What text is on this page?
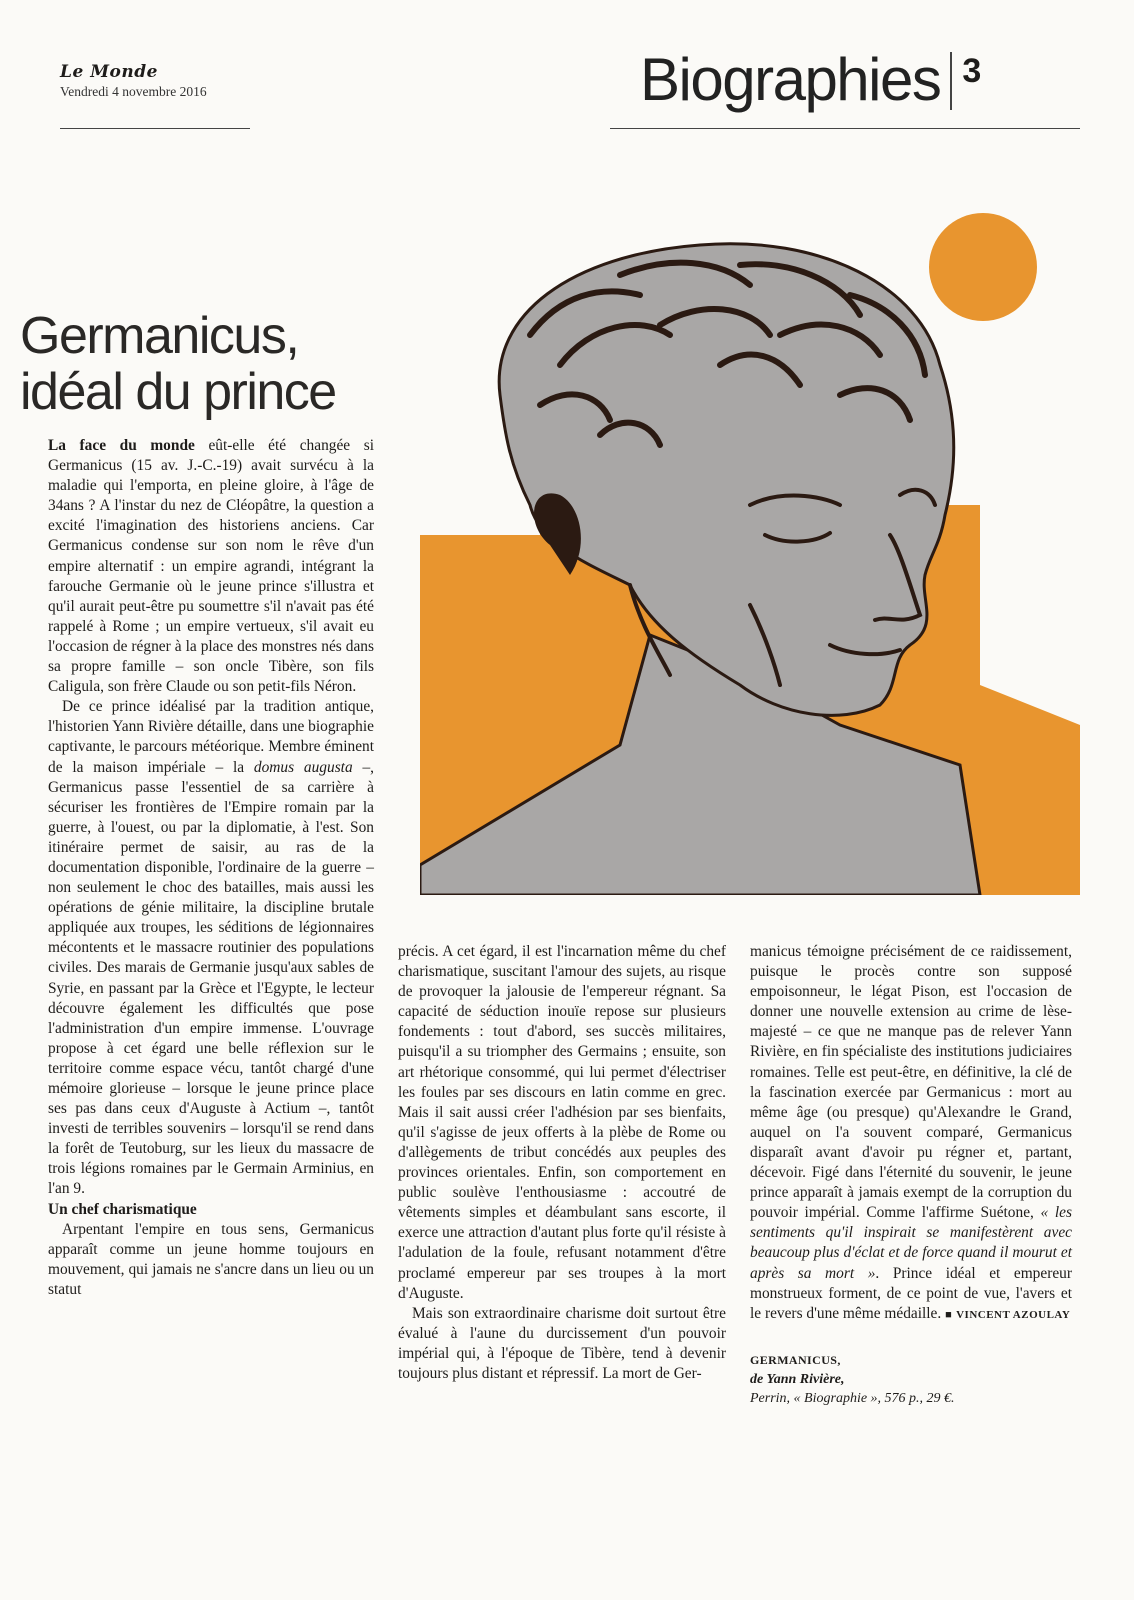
Le Monde
Vendredi 4 novembre 2016	Biographies 3
Germanicus,
idéal du prince

La face du monde eût-elle été changée si Germanicus (15 av. J.-C.-19) avait survécu à la maladie qui l'emporta, en pleine gloire, à l'âge de 34ans ? A l'instar du nez de Cléopâtre, la question a excité l'imagination des historiens anciens. Car Germanicus condense sur son nom le rêve d'un empire alternatif : un empire agrandi, intégrant la farouche Germanie où le jeune prince s'illustra et qu'il aurait peut-être pu soumettre s'il n'avait pas été rappelé à Rome ; un empire vertueux, s'il avait eu l'occasion de régner à la place des monstres nés dans sa propre famille – son oncle Tibère, son fils Caligula, son frère Claude ou son petit-fils Néron.

De ce prince idéalisé par la tradition antique, l'historien Yann Rivière détaille, dans une biographie captivante, le parcours météorique. Membre éminent de la maison impériale – la domus augusta –, Germanicus passe l'essentiel de sa carrière à sécuriser les frontières de l'Empire romain par la guerre, à l'ouest, ou par la diplomatie, à l'est. Son itinéraire permet de saisir, au ras de la documentation disponible, l'ordinaire de la guerre – non seulement le choc des batailles, mais aussi les opérations de génie militaire, la discipline brutale appliquée aux troupes, les séditions de légionnaires mécontents et le massacre routinier des populations civiles. Des marais de Germanie jusqu'aux sables de Syrie, en passant par la Grèce et l'Egypte, le lecteur découvre également les difficultés que pose l'administration d'un empire immense. L'ouvrage propose à cet égard une belle réflexion sur le territoire comme espace vécu, tantôt chargé d'une mémoire glorieuse – lorsque le jeune prince place ses pas dans ceux d'Auguste à Actium –, tantôt investi de terribles souvenirs – lorsqu'il se rend dans la forêt de Teutoburg, sur les lieux du massacre de trois légions romaines par le Germain Arminius, en l'an 9.

Un chef charismatique

Arpentant l'empire en tous sens, Germanicus apparaît comme un jeune homme toujours en mouvement, qui jamais ne s'ancre dans un lieu ou un statut

précis. A cet égard, il est l'incarnation même du chef charismatique, suscitant l'amour des sujets, au risque de provoquer la jalousie de l'empereur régnant. Sa capacité de séduction inouïe repose sur plusieurs fondements : tout d'abord, ses succès militaires, puisqu'il a su triompher des Germains ; ensuite, son art rhétorique consommé, qui lui permet d'électriser les foules par ses discours en latin comme en grec. Mais il sait aussi créer l'adhésion par ses bienfaits, qu'il s'agisse de jeux offerts à la plèbe de Rome ou d'allègements de tribut concédés aux peuples des provinces orientales. Enfin, son comportement en public soulève l'enthousiasme : accoutré de vêtements simples et déambulant sans escorte, il exerce une attraction d'autant plus forte qu'il résiste à l'adulation de la foule, refusant notamment d'être proclamé empereur par ses troupes à la mort d'Auguste.

Mais son extraordinaire charisme doit surtout être évalué à l'aune du durcissement d'un pouvoir impérial qui, à l'époque de Tibère, tend à devenir toujours plus distant et répressif. La mort de Ger-

manicus témoigne précisément de ce raidissement, puisque le procès contre son supposé empoisonneur, le légat Pison, est l'occasion de donner une nouvelle extension au crime de lèse-majesté – ce que ne manque pas de relever Yann Rivière, en fin spécialiste des institutions judiciaires romaines. Telle est peut-être, en définitive, la clé de la fascination exercée par Germanicus : mort au même âge (ou presque) qu'Alexandre le Grand, auquel on l'a souvent comparé, Germanicus disparaît avant d'avoir pu régner et, partant, décevoir. Figé dans l'éternité du souvenir, le jeune prince apparaît à jamais exempt de la corruption du pouvoir impérial. Comme l'affirme Suétone, « les sentiments qu'il inspirait se manifestèrent avec beaucoup plus d'éclat et de force quand il mourut et après sa mort ». Prince idéal et empereur monstrueux forment, de ce point de vue, l'avers et le revers d'une même médaille. ■ VINCENT AZOULAY

GERMANICUS,
de Yann Rivière,
Perrin, « Biographie », 576 p., 29 €.
